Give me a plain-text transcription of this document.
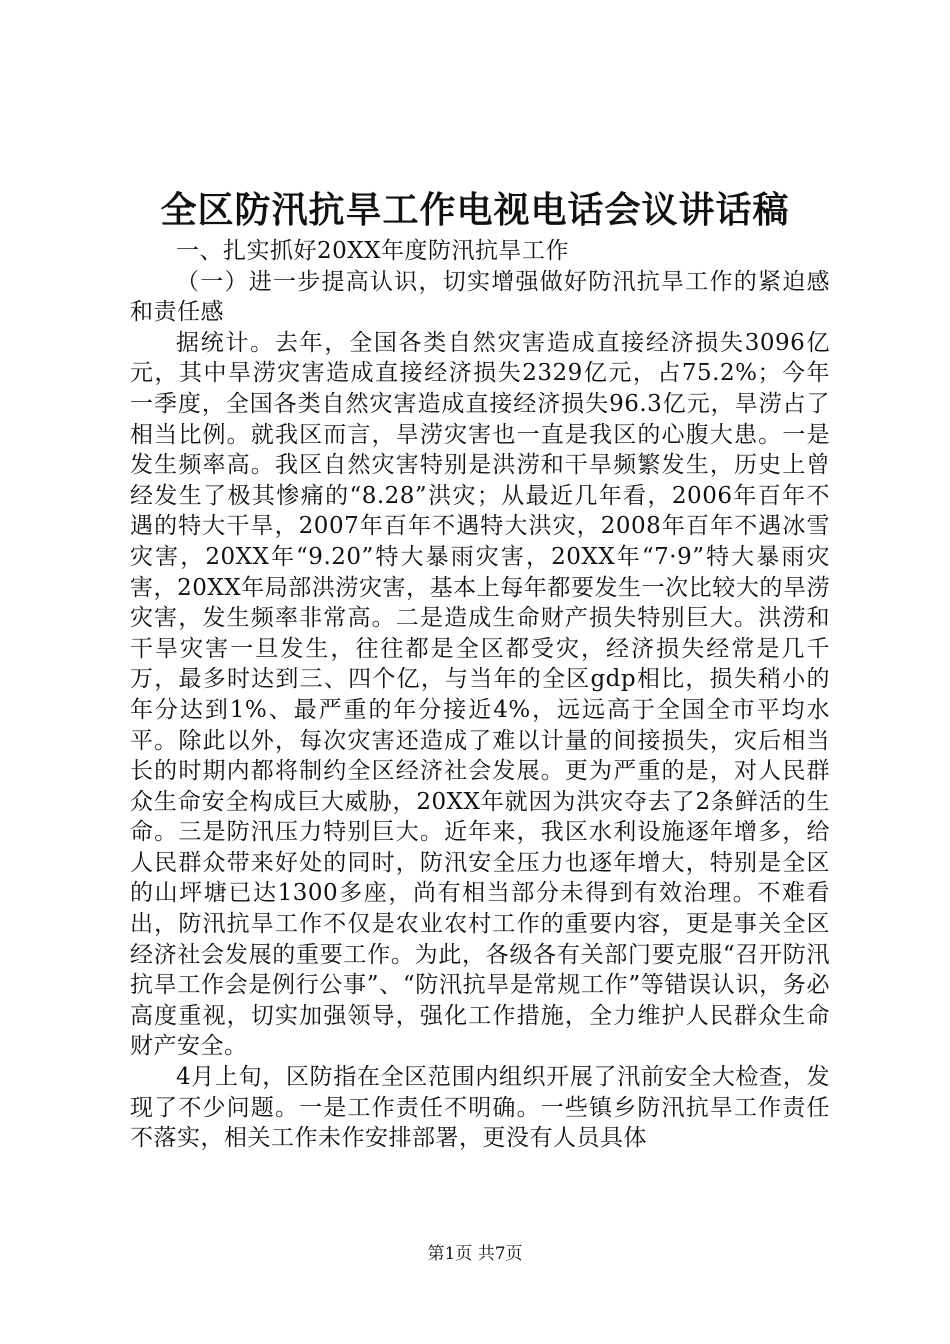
全区防汛抗旱工作电视电话会议讲话稿

一、扎实抓好20XX年度防汛抗旱工作

（一）进一步提高认识，切实增强做好防汛抗旱工作的紧迫感和责任感

据统计。去年，全国各类自然灾害造成直接经济损失3096亿元，其中旱涝灾害造成直接经济损失2329亿元，占75.2%；今年一季度，全国各类自然灾害造成直接经济损失96.3亿元，旱涝占了相当比例。就我区而言，旱涝灾害也一直是我区的心腹大患。一是发生频率高。我区自然灾害特别是洪涝和干旱频繁发生，历史上曾经发生了极其惨痛的“8.28”洪灾；从最近几年看，2006年百年不遇的特大干旱，2007年百年不遇特大洪灾，2008年百年不遇冰雪灾害，20XX年“9.20”特大暴雨灾害，20XX年“7·9”特大暴雨灾害，20XX年局部洪涝灾害，基本上每年都要发生一次比较大的旱涝灾害，发生频率非常高。二是造成生命财产损失特别巨大。洪涝和干旱灾害一旦发生，往往都是全区都受灾，经济损失经常是几千万，最多时达到三、四个亿，与当年的全区gdp相比，损失稍小的年分达到1%、最严重的年分接近4%，远远高于全国全市平均水平。除此以外，每次灾害还造成了难以计量的间接损失，灾后相当长的时期内都将制约全区经济社会发展。更为严重的是，对人民群众生命安全构成巨大威胁，20XX年就因为洪灾夺去了2条鲜活的生命。三是防汛压力特别巨大。近年来，我区水利设施逐年增多，给人民群众带来好处的同时，防汛安全压力也逐年增大，特别是全区的山坪塘已达1300多座，尚有相当部分未得到有效治理。不难看出，防汛抗旱工作不仅是农业农村工作的重要内容，更是事关全区经济社会发展的重要工作。为此，各级各有关部门要克服“召开防汛抗旱工作会是例行公事”、“防汛抗旱是常规工作”等错误认识，务必高度重视，切实加强领导，强化工作措施，全力维护人民群众生命财产安全。

4月上旬，区防指在全区范围内组织开展了汛前安全大检查，发现了不少问题。一是工作责任不明确。一些镇乡防汛抗旱工作责任不落实，相关工作未作安排部署，更没有人员具体

第1页 共7页
